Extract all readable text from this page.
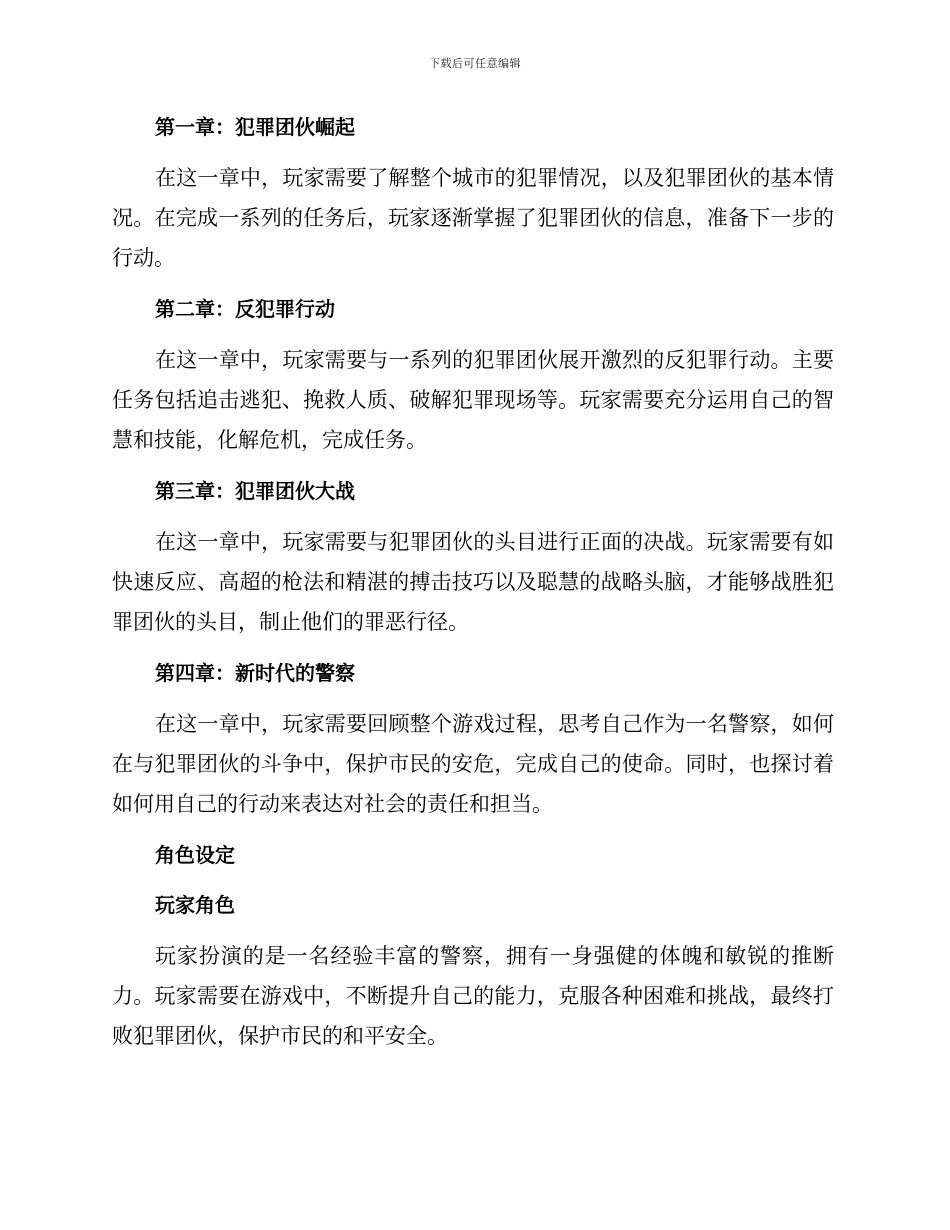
下载后可任意编辑
第一章：犯罪团伙崛起

在这一章中，玩家需要了解整个城市的犯罪情况，以及犯罪团伙的基本情况。在完成一系列的任务后，玩家逐渐掌握了犯罪团伙的信息，准备下一步的行动。

第二章：反犯罪行动

在这一章中，玩家需要与一系列的犯罪团伙展开激烈的反犯罪行动。主要任务包括追击逃犯、挽救人质、破解犯罪现场等。玩家需要充分运用自己的智慧和技能，化解危机，完成任务。

第三章：犯罪团伙大战

在这一章中，玩家需要与犯罪团伙的头目进行正面的决战。玩家需要有如快速反应、高超的枪法和精湛的搏击技巧以及聪慧的战略头脑，才能够战胜犯罪团伙的头目，制止他们的罪恶行径。

第四章：新时代的警察

在这一章中，玩家需要回顾整个游戏过程，思考自己作为一名警察，如何在与犯罪团伙的斗争中，保护市民的安危，完成自己的使命。同时，也探讨着如何用自己的行动来表达对社会的责任和担当。

角色设定
玩家角色

玩家扮演的是一名经验丰富的警察，拥有一身强健的体魄和敏锐的推断力。玩家需要在游戏中，不断提升自己的能力，克服各种困难和挑战，最终打败犯罪团伙，保护市民的和平安全。
